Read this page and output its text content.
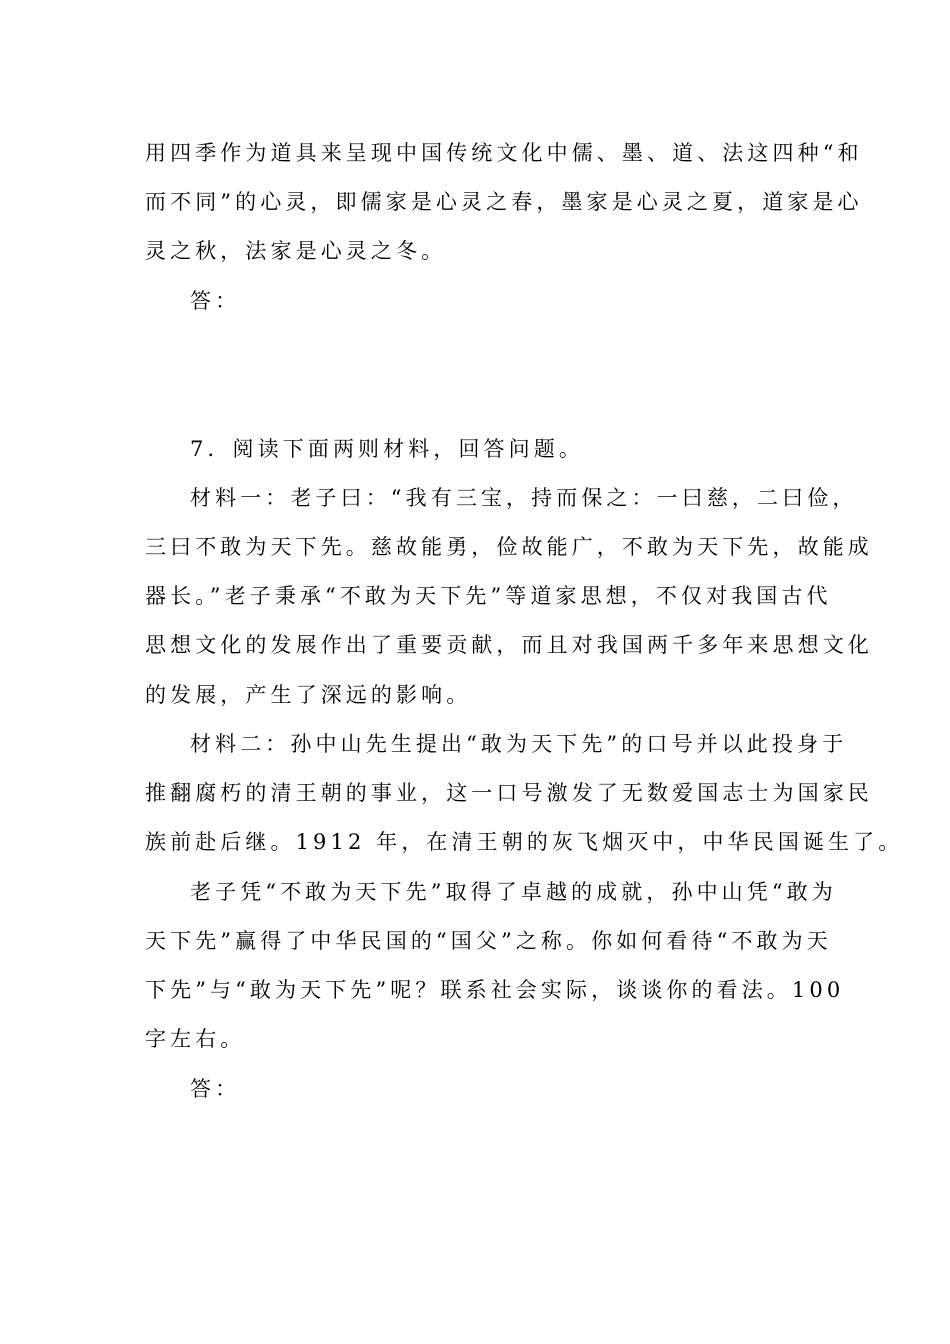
用四季作为道具来呈现中国传统文化中儒、墨、道、法这四种“和
而不同”的心灵，即儒家是心灵之春，墨家是心灵之夏，道家是心
灵之秋，法家是心灵之冬。
答：
7．阅读下面两则材料，回答问题。
材料一：老子曰：“我有三宝，持而保之：一曰慈，二曰俭，
三曰不敢为天下先。慈故能勇，俭故能广，不敢为天下先，故能成
器长。”老子秉承“不敢为天下先”等道家思想，不仅对我国古代
思想文化的发展作出了重要贡献，而且对我国两千多年来思想文化
的发展，产生了深远的影响。
材料二：孙中山先生提出“敢为天下先”的口号并以此投身于
推翻腐朽的清王朝的事业，这一口号激发了无数爱国志士为国家民
族前赴后继。1912 年，在清王朝的灰飞烟灭中，中华民国诞生了。
老子凭“不敢为天下先”取得了卓越的成就，孙中山凭“敢为
天下先”赢得了中华民国的“国父”之称。你如何看待“不敢为天
下先”与“敢为天下先”呢？联系社会实际，谈谈你的看法。100
字左右。
答：
